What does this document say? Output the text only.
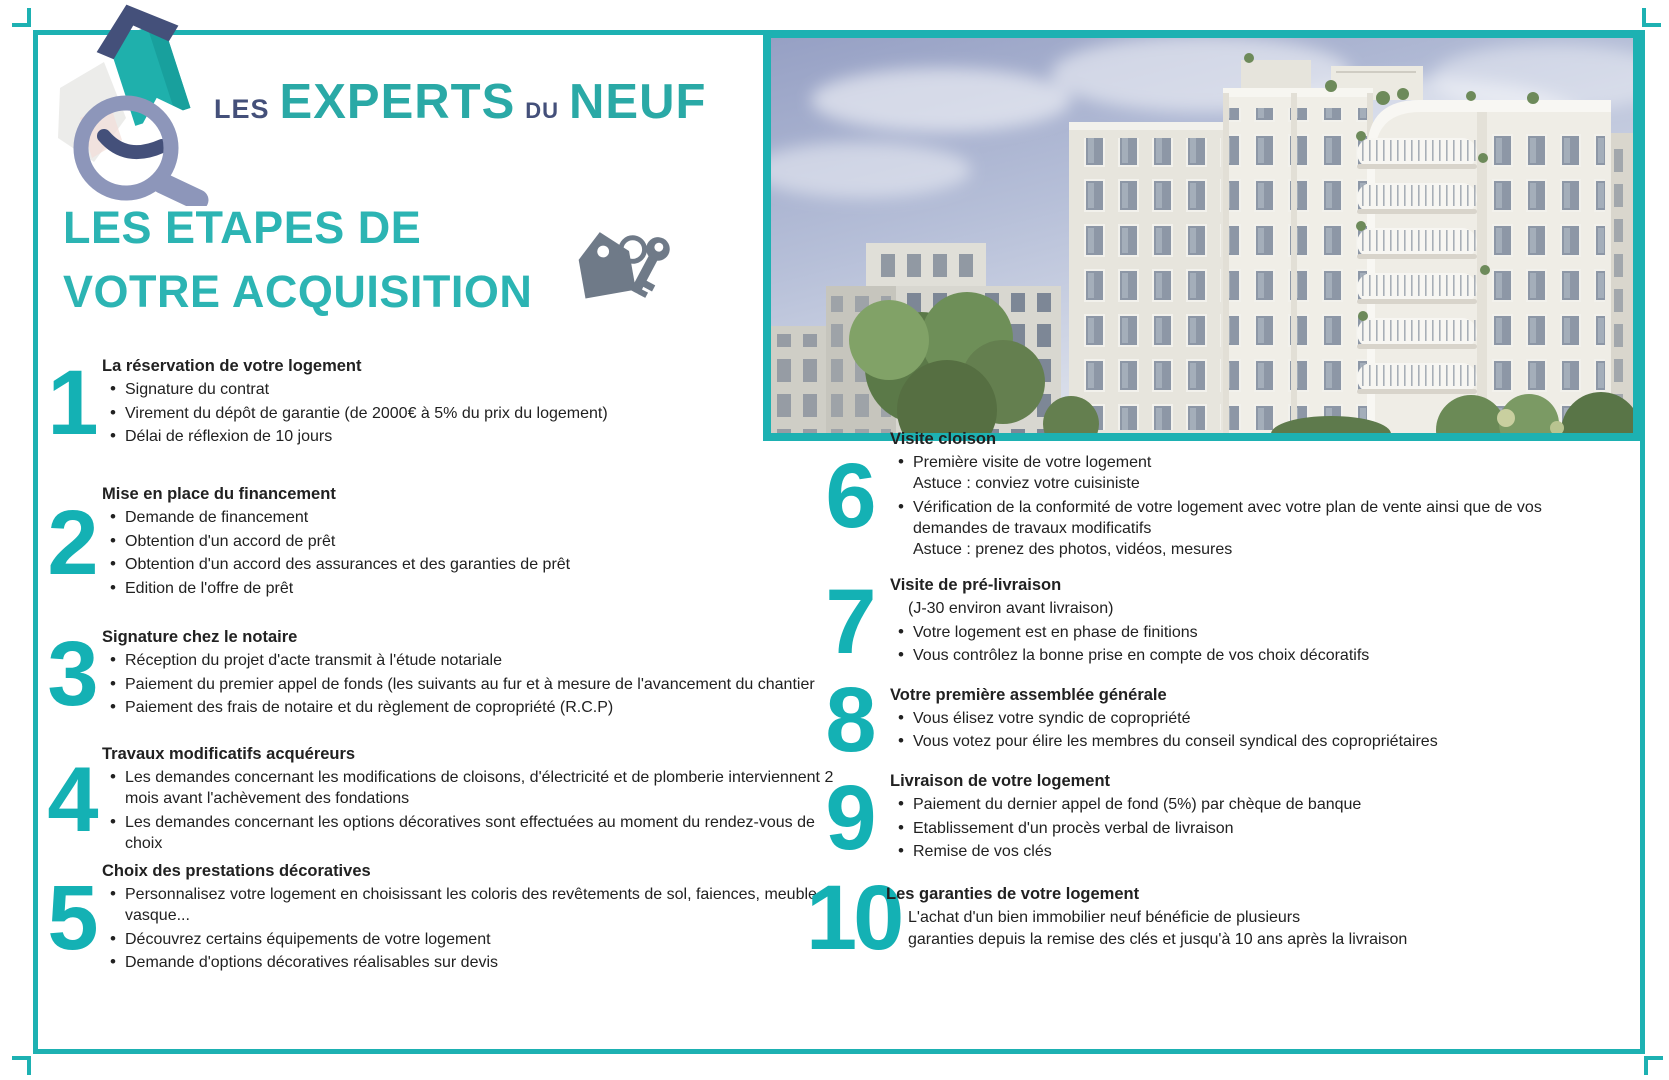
LES EXPERTS DU NEUF
LES ETAPES DE
VOTRE ACQUISITION
1 La réservation de votre logement
• Signature du contrat
• Virement du dépôt de garantie (de 2000€ à 5% du prix du logement)
• Délai de réflexion de 10 jours
2 Mise en place du financement
• Demande de financement
• Obtention d'un accord de prêt
• Obtention d'un accord des assurances et des garanties de prêt
• Edition de l'offre de prêt
3 Signature chez le notaire
• Réception du projet d'acte transmit à l'étude notariale
• Paiement du premier appel de fonds (les suivants au fur et à mesure de l'avancement du chantier
• Paiement des frais de notaire et du règlement de copropriété (R.C.P)
4 Travaux modificatifs acquéreurs
• Les demandes concernant les modifications de cloisons, d'électricité et de plomberie interviennent 2 mois avant l'achèvement des fondations
• Les demandes concernant les options décoratives sont effectuées au moment du rendez-vous de choix
5 Choix des prestations décoratives
• Personnalisez votre logement en choisissant les coloris des revêtements de sol, faiences, meuble vasque...
• Découvrez certains équipements de votre logement
• Demande d'options décoratives réalisables sur devis
6
Visite cloison
• Première visite de votre logement
Astuce : conviez votre cuisiniste
• Vérification de la conformité de votre logement avec votre plan de vente ainsi que de vos demandes de travaux modificatifs
Astuce : prenez des photos, vidéos, mesures
7	Visite de pré-livraison
(J-30 environ avant livraison)
• Votre logement est en phase de finitions
• Vous contrôlez la bonne prise en compte de vos choix décoratifs
8	Votre première assemblée générale
• Vous élisez votre syndic de copropriété
• Vous votez pour élire les membres du conseil syndical des copropriétaires
9	Livraison de votre logement
• Paiement du dernier appel de fond (5%) par chèque de banque
• Etablissement d'un procès verbal de livraison
• Remise de vos clés
10
Les garanties de votre logement
L'achat d'un bien immobilier neuf bénéficie de plusieurs
garanties depuis la remise des clés et jusqu'à 10 ans après la livraison
